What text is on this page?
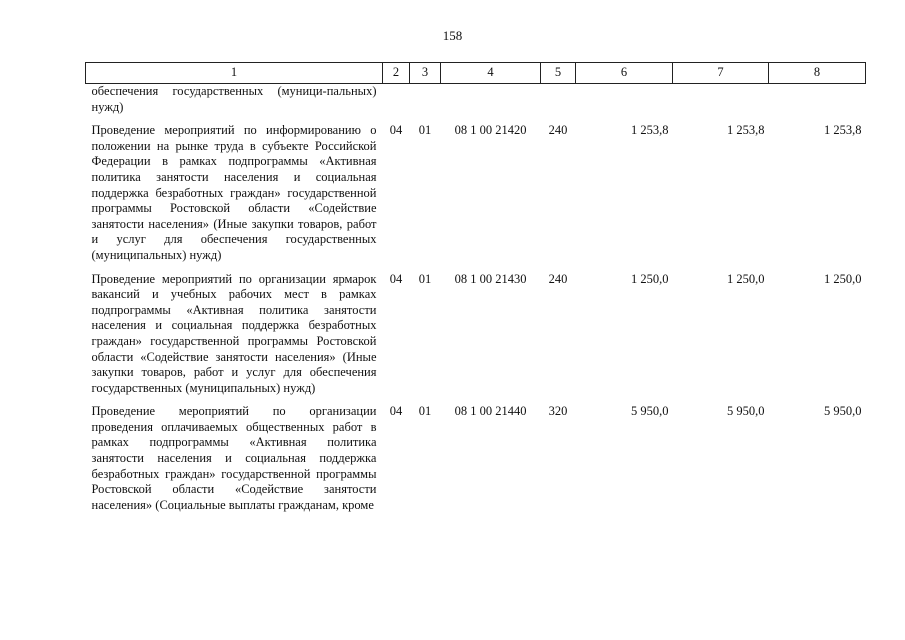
158
1	2	3	4	5	6	7	8
обеспечения государственных (муници-пальных) нужд)							
Проведение мероприятий по информированию о положении на рынке труда в субъекте Российской Федерации в рамках подпрограммы «Активная политика занятости населения и социальная поддержка безработных граждан» государственной программы Ростовской области «Содействие занятости населения» (Иные закупки товаров, работ и услуг для обеспечения государственных (муниципальных) нужд)	04	01	08 1 00 21420	240	1 253,8	1 253,8	1 253,8
Проведение мероприятий по организации ярмарок вакансий и учебных рабочих мест в рамках подпрограммы «Активная политика занятости населения и социальная поддержка безработных граждан» государственной программы Ростовской области «Содействие занятости населения» (Иные закупки товаров, работ и услуг для обеспечения государственных (муниципальных) нужд)	04	01	08 1 00 21430	240	1 250,0	1 250,0	1 250,0
Проведение мероприятий по организации проведения оплачиваемых общественных работ в рамках подпрограммы «Активная политика занятости населения и социальная поддержка безработных граждан» государственной программы Ростовской области «Содействие занятости населения» (Социальные выплаты гражданам, кроме	04	01	08 1 00 21440	320	5 950,0	5 950,0	5 950,0
